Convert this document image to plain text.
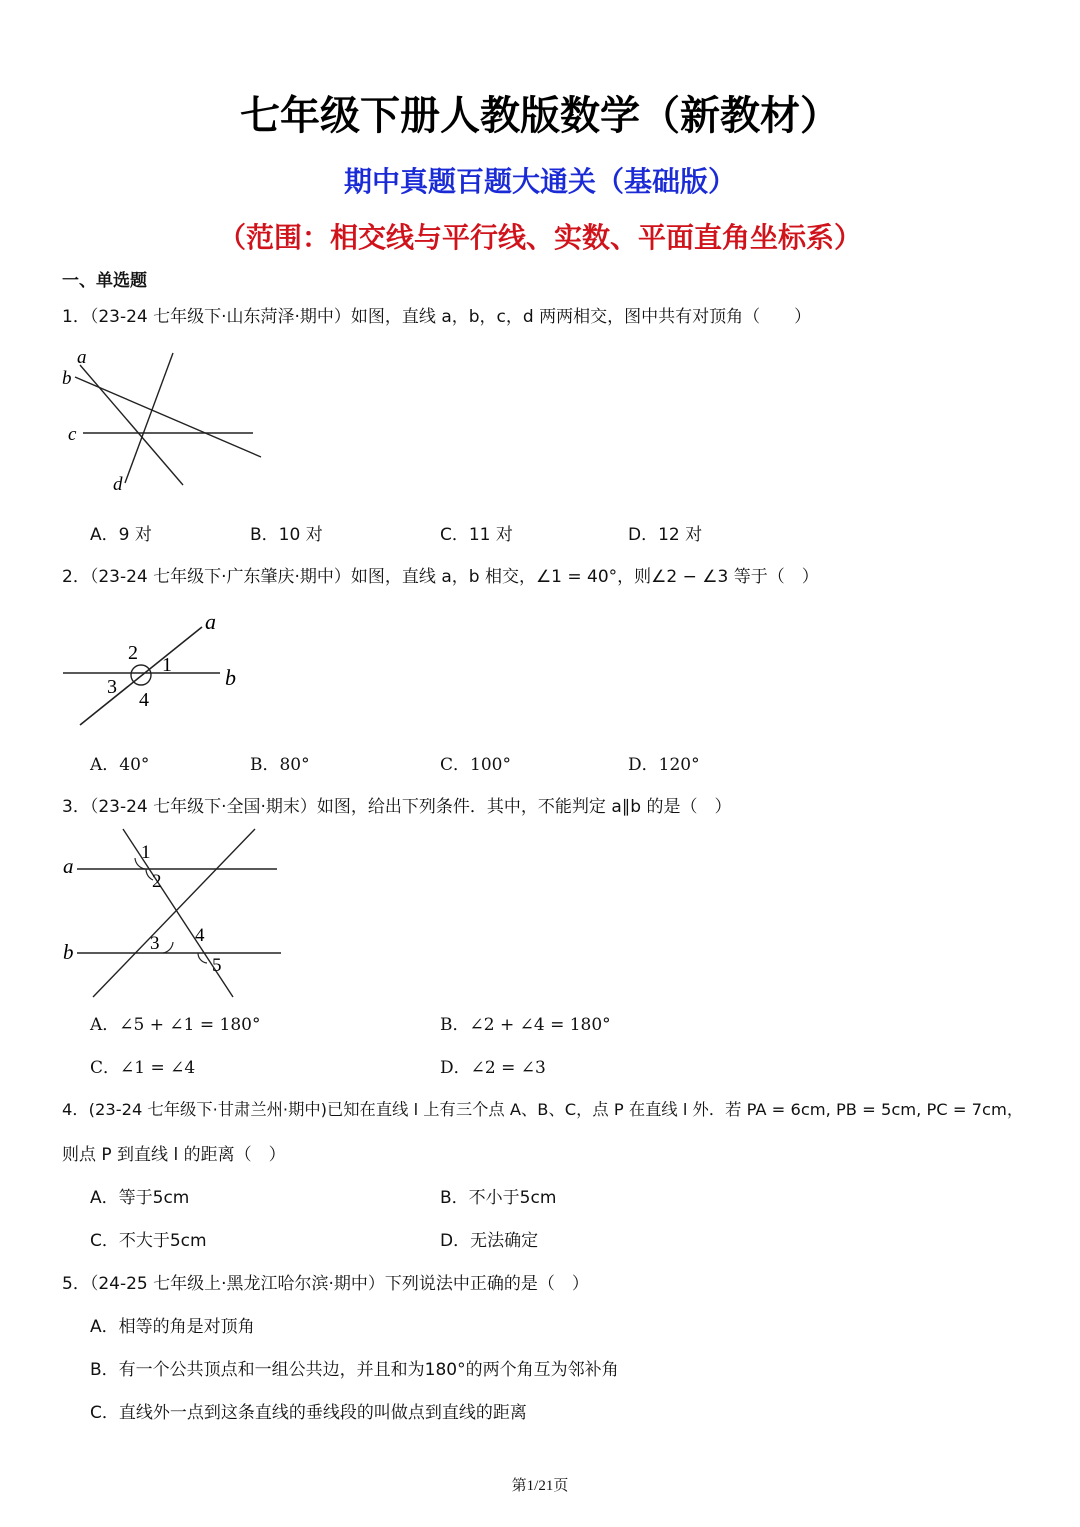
七年级下册人教版数学（新教材）
期中真题百题大通关（基础版）
（范围：相交线与平行线、实数、平面直角坐标系）
一、单选题
1．（23-24 七年级下·山东菏泽·期中）如图，直线 a，b，c，d 两两相交，图中共有对顶角（　　）
a
b
c
d
A．9 对	B．10 对	C．11 对	D．12 对
2．（23-24 七年级下·广东肇庆·期中）如图，直线 a，b 相交，∠1 = 40°，则∠2 − ∠3 等于（　）
a
b
1
2
3
4
A．40°	B．80°	C．100°	D．120°
3．（23-24 七年级下·全国·期末）如图，给出下列条件．其中，不能判定 a∥b 的是（　）
a
b
1
2
3 4
5
A．∠5 + ∠1 = 180°	B．∠2 + ∠4 = 180°
C．∠1 = ∠4	D．∠2 = ∠3
4．(23-24 七年级下·甘肃兰州·期中)已知在直线 l 上有三个点 A、B、C，点 P 在直线 l 外．若 PA = 6cm, PB = 5cm, PC = 7cm，
则点 P 到直线 l 的距离（　）
A．等于5cm	B．不小于5cm
C．不大于5cm	D．无法确定
5．（24-25 七年级上·黑龙江哈尔滨·期中）下列说法中正确的是（　）
A．相等的角是对顶角
B．有一个公共顶点和一组公共边，并且和为180°的两个角互为邻补角
C．直线外一点到这条直线的垂线段的叫做点到直线的距离
第1/21页
